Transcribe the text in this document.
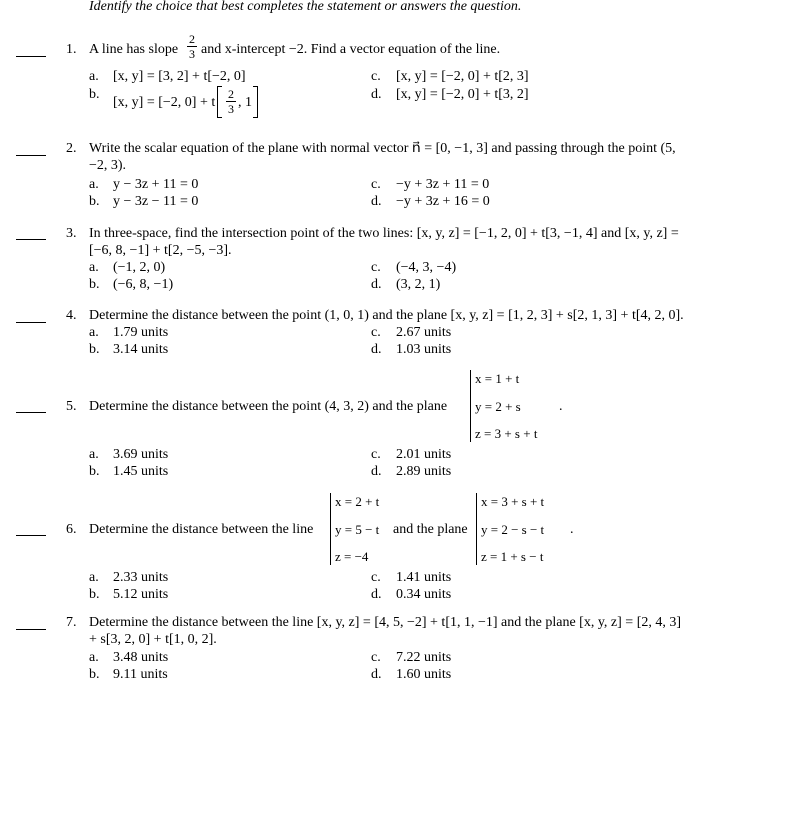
Identify the choice that best completes the statement or answers the question.
1. A line has slope
2
3 and x-intercept −2. Find a vector equation of the line.
a. [x, y] = [3, 2] + t[−2, 0]
b.
[x, y] = [−2, 0] + t
2
3 , 1
c. [x, y] = [−2, 0] + t[2, 3]
d. [x, y] = [−2, 0] + t[3, 2]
2. Write the scalar equation of the plane with normal vector n⃗ = [0, −1, 3] and passing through the point (5,
−2, 3).
a. y − 3z + 11 = 0
b. y − 3z − 11 = 0
c. −y + 3z + 11 = 0
d. −y + 3z + 16 = 0
3. In three-space, find the intersection point of the two lines: [x, y, z] = [−1, 2, 0] + t[3, −1, 4] and [x, y, z] =
[−6, 8, −1] + t[2, −5, −3].
a. (−1, 2, 0)
b. (−6, 8, −1)
c. (−4, 3, −4)
d. (3, 2, 1)
4. Determine the distance between the point (1, 0, 1) and the plane [x, y, z] = [1, 2, 3] + s[2, 1, 3] + t[4, 2, 0].
a. 1.79 units
b. 3.14 units
c. 2.67 units
d. 1.03 units
5. Determine the distance between the point (4, 3, 2) and the plane
x = 1 + t
y = 2 + s
z = 3 + s + t
.
a. 3.69 units
b. 1.45 units
c. 2.01 units
d. 2.89 units
6. Determine the distance between the line
x = 2 + t
y = 5 − t
z = −4
and the plane
x = 3 + s + t
y = 2 − s − t
z = 1 + s − t
.
a. 2.33 units
b. 5.12 units
c. 1.41 units
d. 0.34 units
7. Determine the distance between the line [x, y, z] = [4, 5, −2] + t[1, 1, −1] and the plane [x, y, z] = [2, 4, 3]
+ s[3, 2, 0] + t[1, 0, 2].
a. 3.48 units
b. 9.11 units
c. 7.22 units
d. 1.60 units
